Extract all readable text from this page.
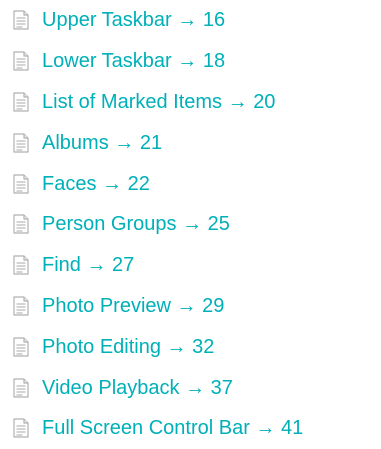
Upper Taskbar → 16
Lower Taskbar → 18
List of Marked Items → 20
Albums → 21
Faces → 22
Person Groups → 25
Find → 27
Photo Preview → 29
Photo Editing → 32
Video Playback → 37
Full Screen Control Bar → 41
